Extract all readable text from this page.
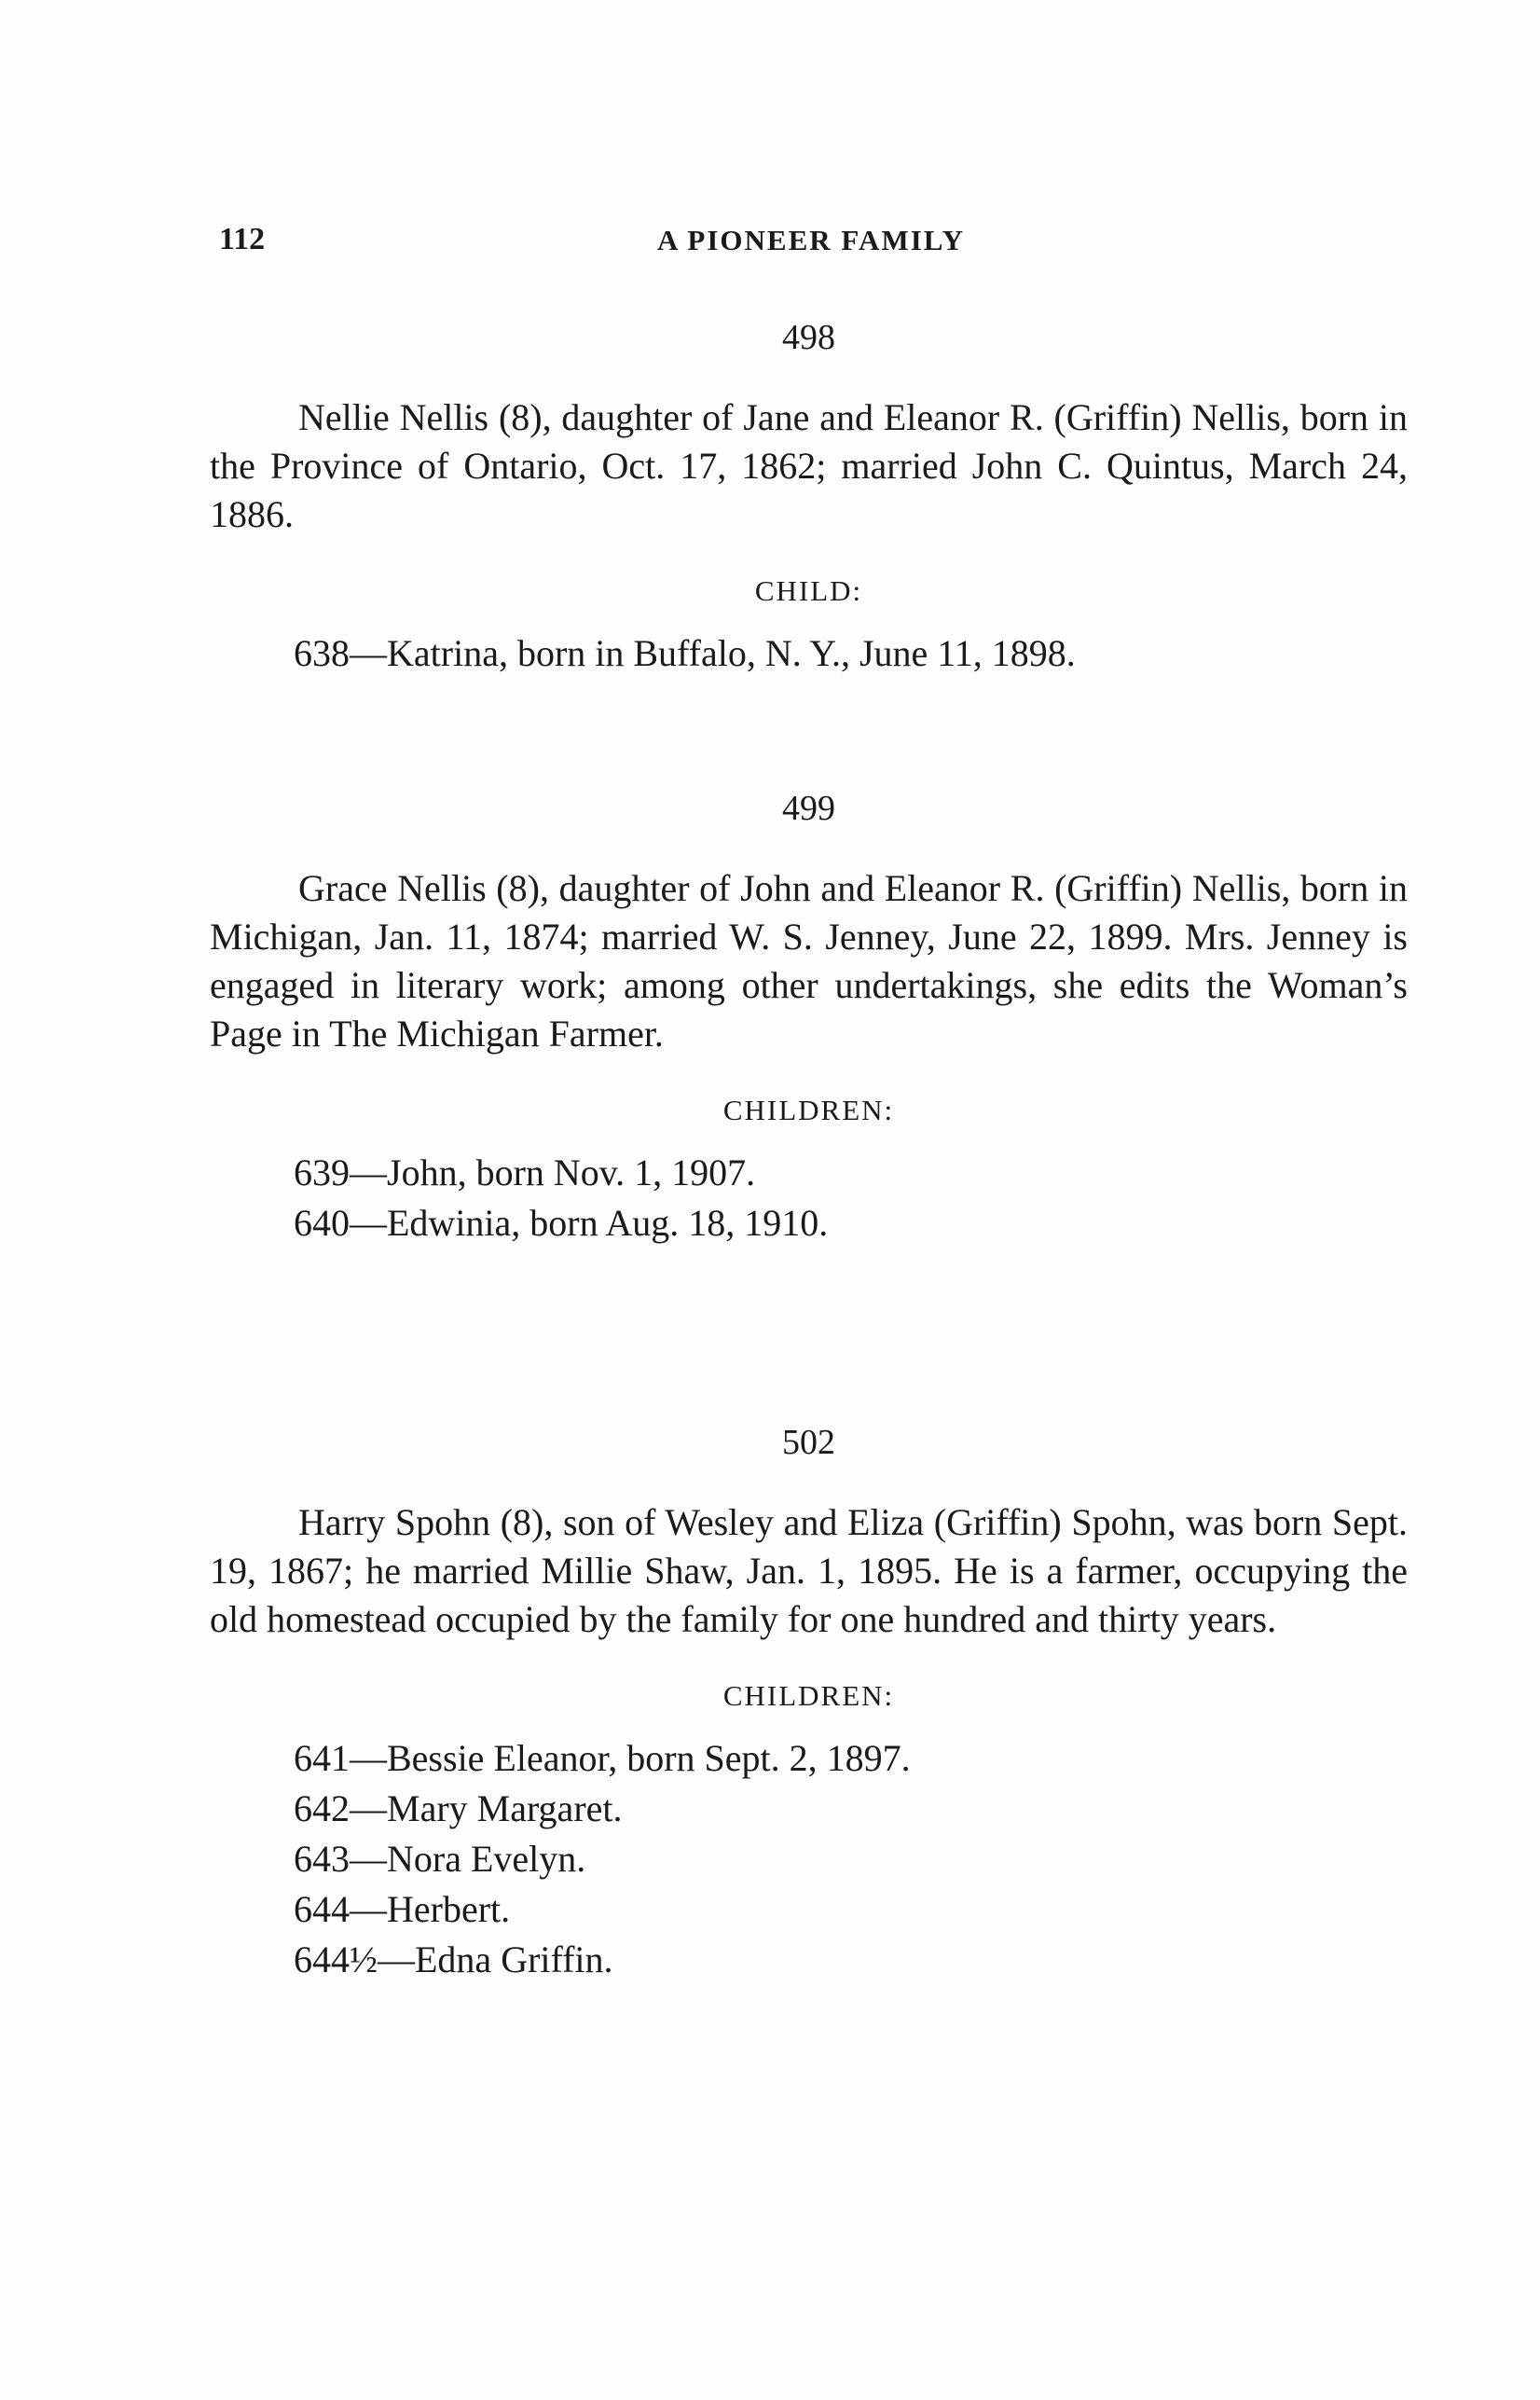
112	A PIONEER FAMILY
498

Nellie Nellis (8), daughter of Jane and Eleanor R. (Griffin) Nellis, born in the Province of Ontario, Oct. 17, 1862; married John C. Quintus, March 24, 1886.

CHILD:
638—Katrina, born in Buffalo, N. Y., June 11, 1898.
499

Grace Nellis (8), daughter of John and Eleanor R. (Griffin) Nellis, born in Michigan, Jan. 11, 1874; married W. S. Jenney, June 22, 1899. Mrs. Jenney is engaged in literary work; among other undertakings, she edits the Woman’s Page in The Michigan Farmer.

CHILDREN:
639—John, born Nov. 1, 1907.
640—Edwinia, born Aug. 18, 1910.
502

Harry Spohn (8), son of Wesley and Eliza (Griffin) Spohn, was born Sept. 19, 1867; he married Millie Shaw, Jan. 1, 1895. He is a farmer, occupying the old homestead occupied by the family for one hundred and thirty years.

CHILDREN:
641—Bessie Eleanor, born Sept. 2, 1897.
642—Mary Margaret.
643—Nora Evelyn.
644—Herbert.
644½—Edna Griffin.
